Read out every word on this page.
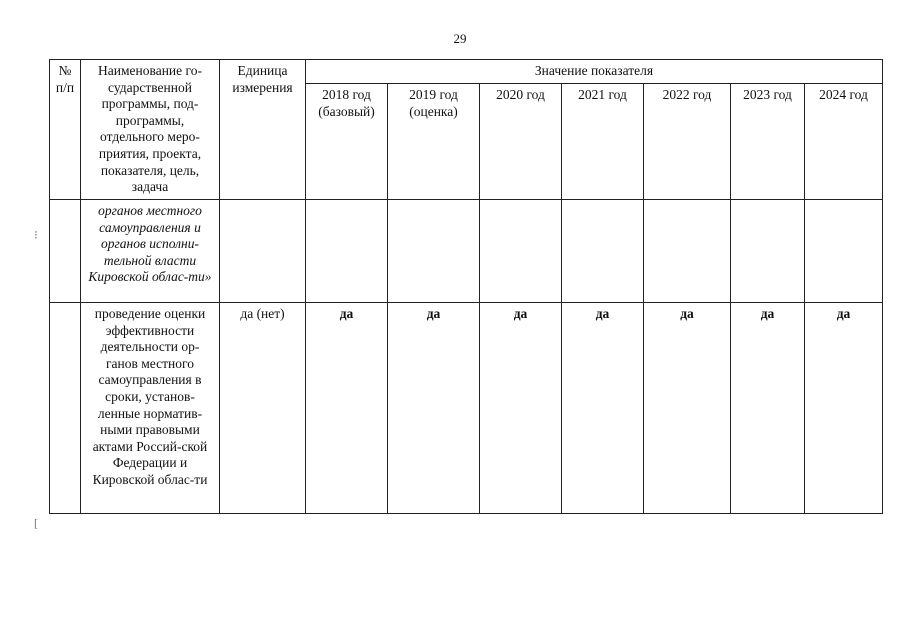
29
№ п/п	Наименование го-сударственной программы, под-программы, отдельного меро-приятия, проекта, показателя, цель, задача	Единица измерения	Значение показателя						
			2018 год (базовый)	2019 год (оценка)	2020 год	2021 год	2022 год	2023 год	2024 год
	органов местного самоуправления и органов исполни-тельной власти Кировской облас-ти»								
	проведение оценки эффективности деятельности ор-ганов местного самоуправления в сроки, установ-ленные норматив-ными правовыми актами Россий-ской Федерации и Кировской облас-ти	да (нет)	да	да	да	да	да	да	да
⁝
[
